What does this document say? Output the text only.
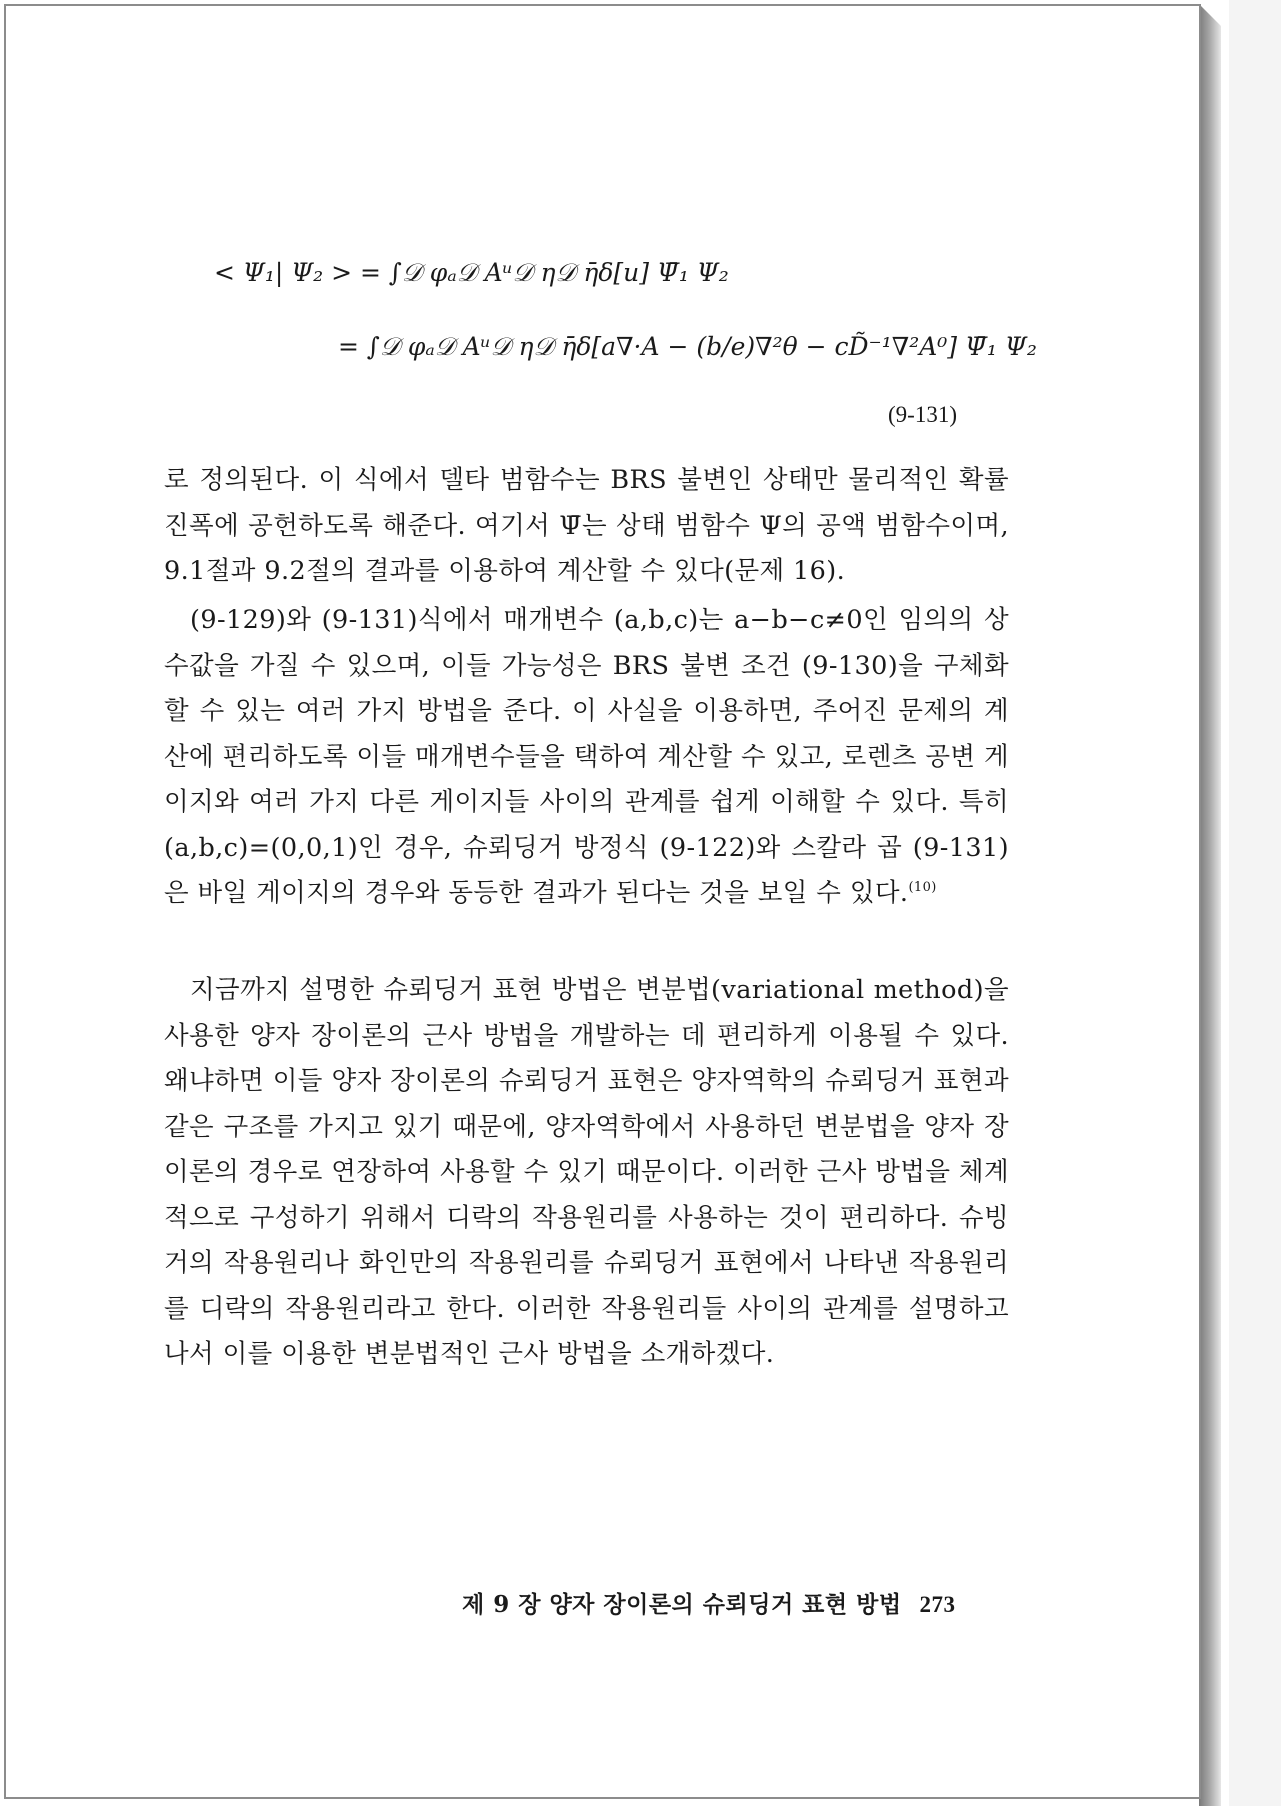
< Ψ₁| Ψ₂ > = ∫𝒟 φₐ𝒟 Aᵘ𝒟 η𝒟 η̄δ[u] Ψ̄₁ Ψ₂
= ∫𝒟 φₐ𝒟 Aᵘ𝒟 η𝒟 η̄δ[a∇·A − (b/e)∇²θ − cD̃⁻¹∇²A⁰] Ψ̄₁ Ψ₂
(9-131)
로 정의된다. 이 식에서 델타 범함수는 BRS 불변인 상태만 물리적인 확률 진폭에 공헌하도록 해준다. 여기서 Ψ̄는 상태 범함수 Ψ의 공액 범함수이며, 9.1절과 9.2절의 결과를 이용하여 계산할 수 있다(문제 16).
(9-129)와 (9-131)식에서 매개변수 (a,b,c)는 a−b−c≠0인 임의의 상수값을 가질 수 있으며, 이들 가능성은 BRS 불변 조건 (9-130)을 구체화할 수 있는 여러 가지 방법을 준다. 이 사실을 이용하면, 주어진 문제의 계산에 편리하도록 이들 매개변수들을 택하여 계산할 수 있고, 로렌츠 공변 게이지와 여러 가지 다른 게이지들 사이의 관계를 쉽게 이해할 수 있다. 특히 (a,b,c)=(0,0,1)인 경우, 슈뢰딩거 방정식 (9-122)와 스칼라 곱 (9-131)은 바일 게이지의 경우와 동등한 결과가 된다는 것을 보일 수 있다.$^{(10)}$
지금까지 설명한 슈뢰딩거 표현 방법은 변분법(variational method)을 사용한 양자 장이론의 근사 방법을 개발하는 데 편리하게 이용될 수 있다. 왜냐하면 이들 양자 장이론의 슈뢰딩거 표현은 양자역학의 슈뢰딩거 표현과 같은 구조를 가지고 있기 때문에, 양자역학에서 사용하던 변분법을 양자 장이론의 경우로 연장하여 사용할 수 있기 때문이다. 이러한 근사 방법을 체계적으로 구성하기 위해서 디락의 작용원리를 사용하는 것이 편리하다. 슈빙거의 작용원리나 화인만의 작용원리를 슈뢰딩거 표현에서 나타낸 작용원리를 디락의 작용원리라고 한다. 이러한 작용원리들 사이의 관계를 설명하고 나서 이를 이용한 변분법적인 근사 방법을 소개하겠다.
제 9 장 양자 장이론의 슈뢰딩거 표현 방법 273
